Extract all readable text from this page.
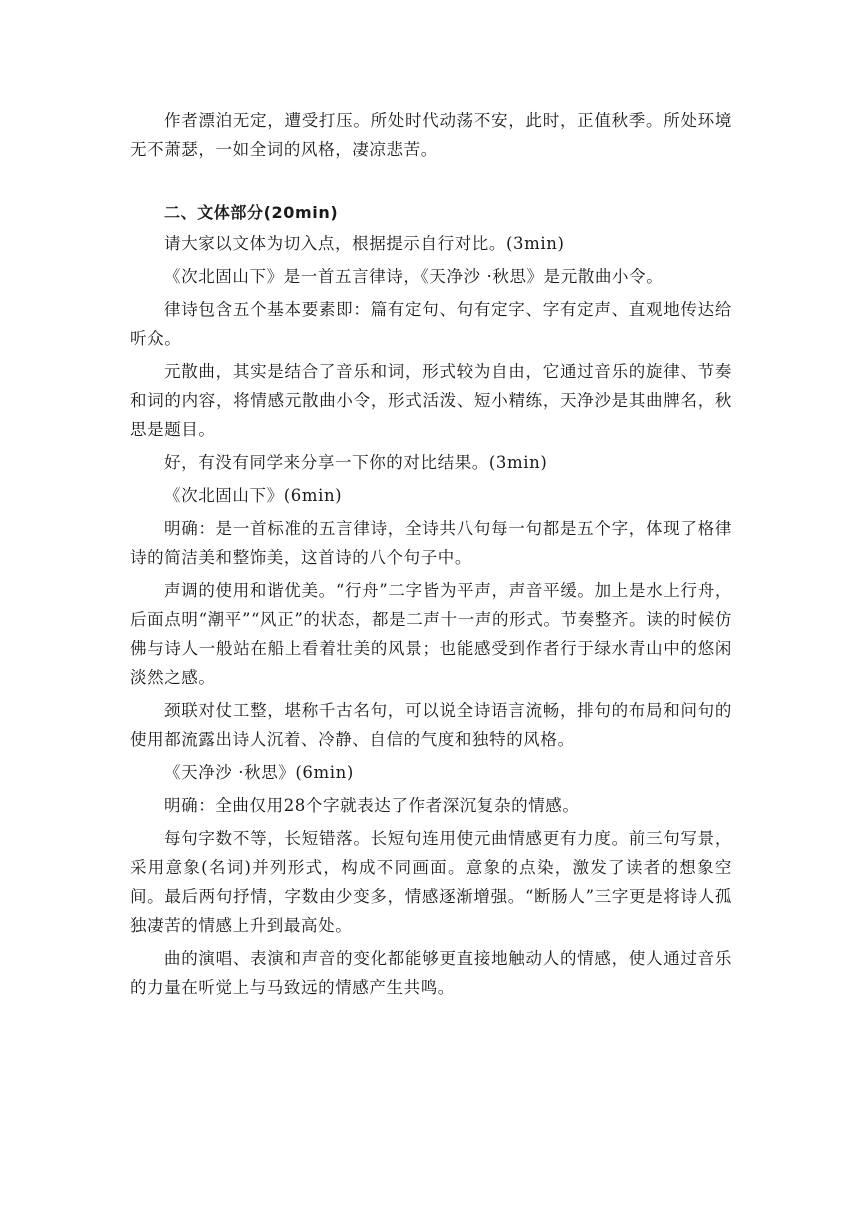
作者漂泊无定，遭受打压。所处时代动荡不安，此时，正值秋季。所处环境无不萧瑟，一如全词的风格，凄凉悲苦。

二、文体部分(20min)

请大家以文体为切入点，根据提示自行对比。(3min)

《次北固山下》是一首五言律诗，《天净沙 ·秋思》是元散曲小令。

律诗包含五个基本要素即：篇有定句、句有定字、字有定声、直观地传达给听众。

元散曲，其实是结合了音乐和词，形式较为自由，它通过音乐的旋律、节奏和词的内容，将情感元散曲小令，形式活泼、短小精练，天净沙是其曲牌名，秋思是题目。

好，有没有同学来分享一下你的对比结果。(3min)

《次北固山下》(6min)

明确：是一首标准的五言律诗，全诗共八句每一句都是五个字，体现了格律诗的简洁美和整饰美，这首诗的八个句子中。

声调的使用和谐优美。“行舟”二字皆为平声，声音平缓。加上是水上行舟，后面点明“潮平”“风正”的状态，都是二声十一声的形式。节奏整齐。读的时候仿佛与诗人一般站在船上看着壮美的风景；也能感受到作者行于绿水青山中的悠闲淡然之感。

颈联对仗工整，堪称千古名句，可以说全诗语言流畅，排句的布局和问句的使用都流露出诗人沉着、冷静、自信的气度和独特的风格。

《天净沙 ·秋思》(6min)

明确：全曲仅用28个字就表达了作者深沉复杂的情感。

每句字数不等，长短错落。长短句连用使元曲情感更有力度。前三句写景，采用意象(名词)并列形式，构成不同画面。意象的点染，激发了读者的想象空间。最后两句抒情，字数由少变多，情感逐渐增强。“断肠人”三字更是将诗人孤独凄苦的情感上升到最高处。

曲的演唱、表演和声音的变化都能够更直接地触动人的情感，使人通过音乐的力量在听觉上与马致远的情感产生共鸣。
